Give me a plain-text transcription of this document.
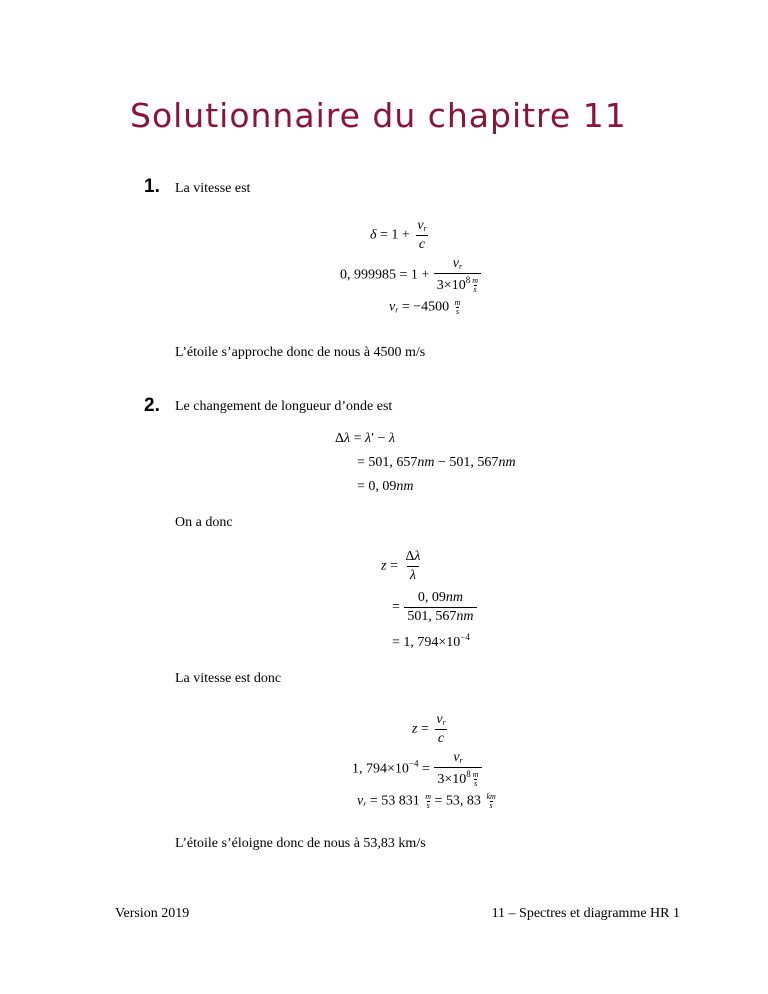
Solutionnaire du chapitre 11
1. La vitesse est
$\delta = 1 + \frac{v_r}{c}$
0, $999985 = 1 + \frac{v_r}{3\times 10^8 \frac{m}{s}}$
$v_r = -4500 \frac{m}{s}$
L’étoile s’approche donc de nous à 4500 m/s
2. Le changement de longueur d’onde est
Δλ = λ′ − λ
= 501, 657nm − 501, 567nm
= 0, 09nm
On a donc
$z = \frac{\Delta\lambda}{\lambda}$
= $\frac{0, 09nm}{501, 567nm}$
= 1, $794\times 10^{-4}$
La vitesse est donc
$z = \frac{v_r}{c}$
1, $794\times 10^{-4} = \frac{v_r}{3\times 10^8 \frac{m}{s}}$
$v_r = 53$ $831 \frac{m}{s} = 53$, $83 \frac{km}{s}$
L’étoile s’éloigne donc de nous à 53,83 km/s
Version 2019	11 – Spectres et diagramme HR 1
